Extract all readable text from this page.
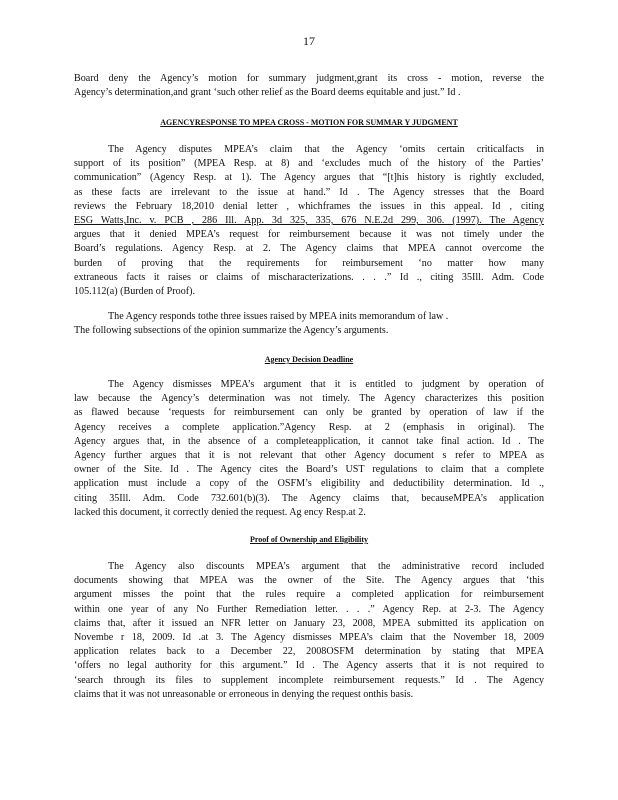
17
Board deny the Agency’s motion for summary judgment,grant its cross - motion, reverse the
Agency’s determination,and grant ‘such other relief as the Board deems equitable and just.” Id .
AGENCYRESPONSE TO MPEA CROSS - MOTION FOR SUMMAR Y JUDGMENT
The Agency disputes MPEA’s claim that the Agency ‘omits certain criticalfacts in
support of its position” (MPEA Resp. at 8) and ‘excludes much of the history of the Parties’
communication” (Agency Resp. at 1). The Agency argues that “[t]his history is rightly excluded,
as these facts are irrelevant to the issue at hand.” Id . The Agency stresses that the Board
reviews the February 18,2010 denial letter , whichframes the issues in this appeal. Id , citing
ESG Watts,Inc. v. PCB , 286 Ill. App. 3d 325, 335, 676 N.E.2d 299, 306. (1997). The Agency
argues that it denied MPEA’s request for reimbursement because it was not timely under the
Board’s regulations. Agency Resp. at 2. The Agency claims that MPEA cannot overcome the
burden of proving that the requirements for reimbursement ‘no matter how many
extraneous facts it raises or claims of mischaracterizations. . . .” Id ., citing 35Ill. Adm. Code
105.112(a) (Burden of Proof).
The Agency responds tothe three issues raised by MPEA inits memorandum of law .
The following subsections of the opinion summarize the Agency’s arguments.
Agency Decision Deadline
The Agency dismisses MPEA’s argument that it is entitled to judgment by operation of
law because the Agency’s determination was not timely. The Agency characterizes this position
as flawed because ‘requests for reimbursement can only be granted by operation of law if the
Agency receives a complete application.”Agency Resp. at 2 (emphasis in original). The
Agency argues that, in the absence of a completeapplication, it cannot take final action. Id . The
Agency further argues that it is not relevant that other Agency document s refer to MPEA as
owner of the Site. Id . The Agency cites the Board’s UST regulations to claim that a complete
application must include a copy of the OSFM’s eligibility and deductibility determination. Id .,
citing 35Ill. Adm. Code 732.601(b)(3). The Agency claims that, becauseMPEA’s application
lacked this document, it correctly denied the request. Ag ency Resp.at 2.
Proof of Ownership and Eligibility
The Agency also discounts MPEA’s argument that the administrative record included
documents showing that MPEA was the owner of the Site. The Agency argues that ‘this
argument misses the point that the rules require a completed application for reimbursement
within one year of any No Further Remediation letter. . . .” Agency Rep. at 2-3. The Agency
claims that, after it issued an NFR letter on January 23, 2008, MPEA submitted its application on
Novembe r 18, 2009. Id .at 3. The Agency dismisses MPEA’s claim that the November 18, 2009
application relates back to a December 22, 2008OSFM determination by stating that MPEA
‘offers no legal authority for this argument.” Id . The Agency asserts that it is not required to
‘search through its files to supplement incomplete reimbursement requests.” Id . The Agency
claims that it was not unreasonable or erroneous in denying the request onthis basis.
